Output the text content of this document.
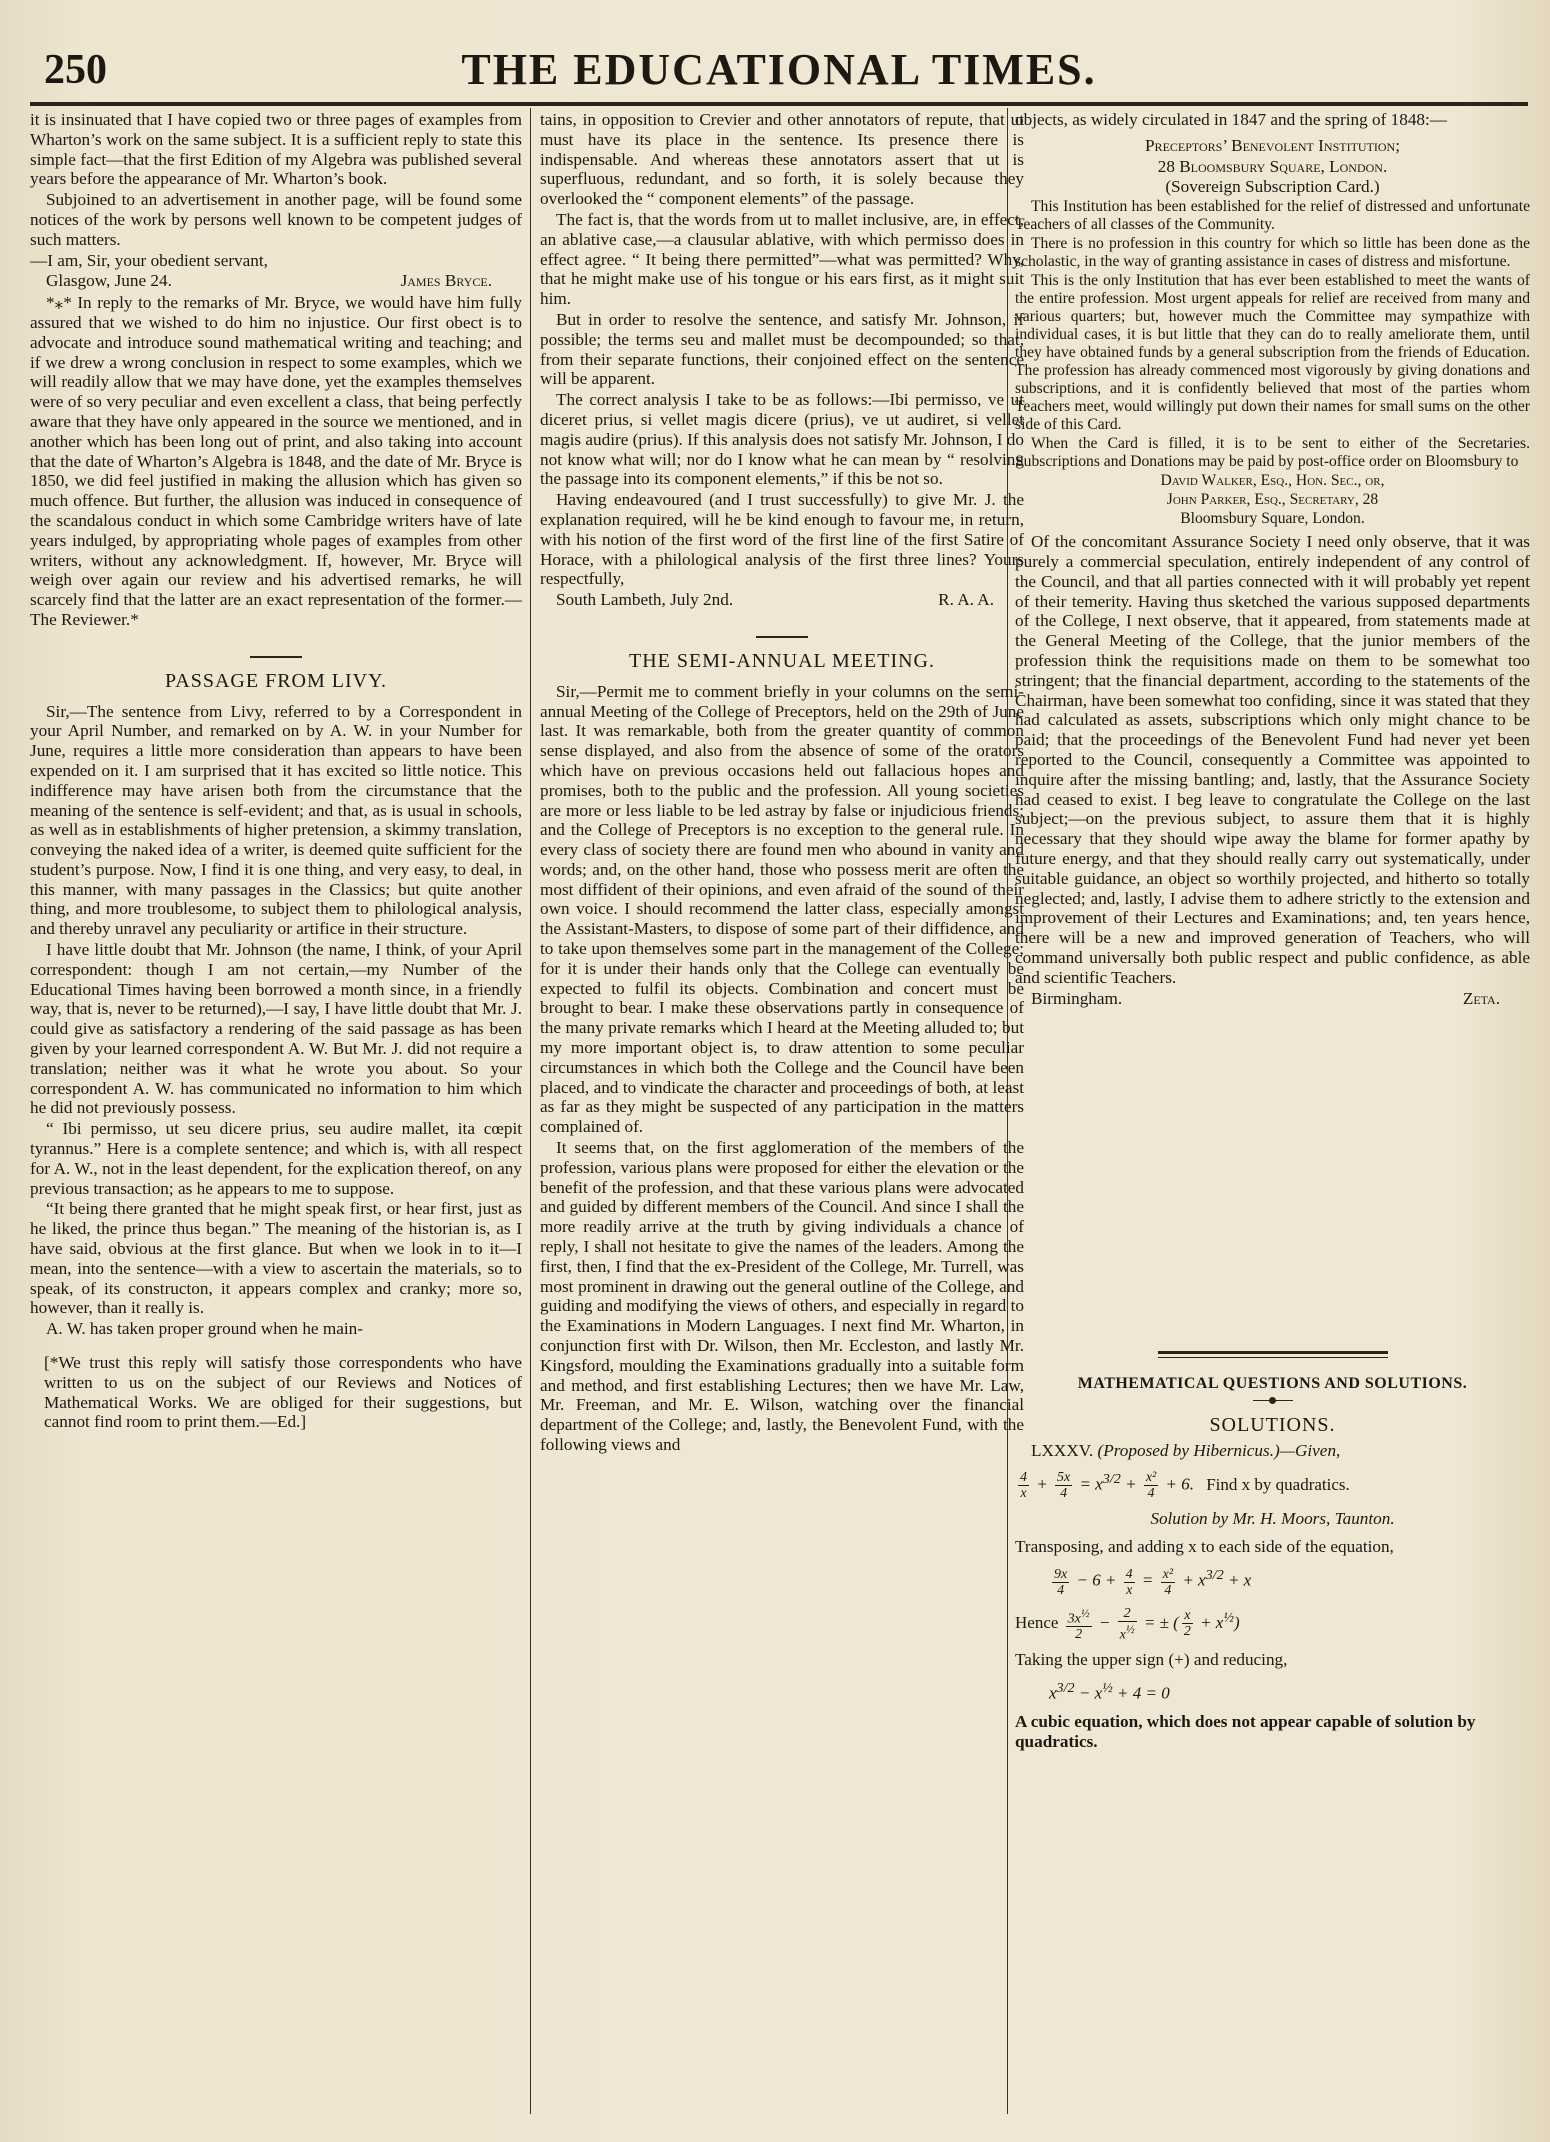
250	THE EDUCATIONAL TIMES.

it is insinuated that I have copied two or three pages of examples from Wharton’s work on the same subject. It is a sufficient reply to state this simple fact—that the first Edition of my Algebra was published several years before the appearance of Mr. Wharton’s book.

Subjoined to an advertisement in another page, will be found some notices of the work by persons well known to be competent judges of such matters.

—I am, Sir, your obedient servant,

Glasgow, June 24.	James Bryce.

*⁎* In reply to the remarks of Mr. Bryce, we would have him fully assured that we wished to do him no injustice. Our first obect is to advocate and introduce sound mathematical writing and teaching; and if we drew a wrong conclusion in respect to some examples, which we will readily allow that we may have done, yet the examples themselves were of so very peculiar and even excellent a class, that being perfectly aware that they have only appeared in the source we mentioned, and in another which has been long out of print, and also taking into account that the date of Wharton’s Algebra is 1848, and the date of Mr. Bryce is 1850, we did feel justified in making the allusion which has given so much offence. But further, the allusion was induced in consequence of the scandalous conduct in which some Cambridge writers have of late years indulged, by appropriating whole pages of examples from other writers, without any acknowledgment. If, however, Mr. Bryce will weigh over again our review and his advertised remarks, he will scarcely find that the latter are an exact representation of the former.—The Reviewer.*

PASSAGE FROM LIVY.

Sir,—The sentence from Livy, referred to by a Correspondent in your April Number, and remarked on by A. W. in your Number for June, requires a little more consideration than appears to have been expended on it. I am surprised that it has excited so little notice. This indifference may have arisen both from the circumstance that the meaning of the sentence is self-evident; and that, as is usual in schools, as well as in establishments of higher pretension, a skimmy translation, conveying the naked idea of a writer, is deemed quite sufficient for the student’s purpose. Now, I find it is one thing, and very easy, to deal, in this manner, with many passages in the Classics; but quite another thing, and more troublesome, to subject them to philological analysis, and thereby unravel any peculiarity or artifice in their structure.

I have little doubt that Mr. Johnson (the name, I think, of your April correspondent: though I am not certain,—my Number of the Educational Times having been borrowed a month since, in a friendly way, that is, never to be returned),—I say, I have little doubt that Mr. J. could give as satisfactory a rendering of the said passage as has been given by your learned correspondent A. W. But Mr. J. did not require a translation; neither was it what he wrote you about. So your correspondent A. W. has communicated no information to him which he did not previously possess.

“ Ibi permisso, ut seu dicere prius, seu audire mallet, ita cœpit tyrannus.” Here is a complete sentence; and which is, with all respect for A. W., not in the least dependent, for the explication thereof, on any previous transaction; as he appears to me to suppose.

“It being there granted that he might speak first, or hear first, just as he liked, the prince thus began.” The meaning of the historian is, as I have said, obvious at the first glance. But when we look in to it—I mean, into the sentence—with a view to ascertain the materials, so to speak, of its constructon, it appears complex and cranky; more so, however, than it really is.

A. W. has taken proper ground when he main-

[*We trust this reply will satisfy those correspondents who have written to us on the subject of our Reviews and Notices of Mathematical Works. We are obliged for their suggestions, but cannot find room to print them.—Ed.]

tains, in opposition to Crevier and other annotators of repute, that ut must have its place in the sentence. Its presence there is indispensable. And whereas these annotators assert that ut is superfluous, redundant, and so forth, it is solely because they overlooked the “ component elements” of the passage.

The fact is, that the words from ut to mallet inclusive, are, in effect, an ablative case,—a clausular ablative, with which permisso does in effect agree. “ It being there permitted”—what was permitted? Why, that he might make use of his tongue or his ears first, as it might suit him.

But in order to resolve the sentence, and satisfy Mr. Johnson, if possible; the terms seu and mallet must be decompounded; so that, from their separate functions, their conjoined effect on the sentence will be apparent.

The correct analysis I take to be as follows:—Ibi permisso, ve ut diceret prius, si vellet magis dicere (prius), ve ut audiret, si vellet magis audire (prius). If this analysis does not satisfy Mr. Johnson, I do not know what will; nor do I know what he can mean by “ resolving the passage into its component elements,” if this be not so.

Having endeavoured (and I trust successfully) to give Mr. J. the explanation required, will he be kind enough to favour me, in return, with his notion of the first word of the first line of the first Satire of Horace, with a philological analysis of the first three lines? Yours respectfully,

South Lambeth, July 2nd.	R. A. A.

THE SEMI-ANNUAL MEETING.

Sir,—Permit me to comment briefly in your columns on the semi-annual Meeting of the College of Preceptors, held on the 29th of June last. It was remarkable, both from the greater quantity of common sense displayed, and also from the absence of some of the orators which have on previous occasions held out fallacious hopes and promises, both to the public and the profession. All young societies are more or less liable to be led astray by false or injudicious friends; and the College of Preceptors is no exception to the general rule. In every class of society there are found men who abound in vanity and words; and, on the other hand, those who possess merit are often the most diffident of their opinions, and even afraid of the sound of their own voice. I should recommend the latter class, especially amongst the Assistant-Masters, to dispose of some part of their diffidence, and to take upon themselves some part in the management of the College; for it is under their hands only that the College can eventually be expected to fulfil its objects. Combination and concert must be brought to bear. I make these observations partly in consequence of the many private remarks which I heard at the Meeting alluded to; but my more important object is, to draw attention to some peculiar circumstances in which both the College and the Council have been placed, and to vindicate the character and proceedings of both, at least as far as they might be suspected of any participation in the matters complained of.

It seems that, on the first agglomeration of the members of the profession, various plans were proposed for either the elevation or the benefit of the profession, and that these various plans were advocated and guided by different members of the Council. And since I shall the more readily arrive at the truth by giving individuals a chance of reply, I shall not hesitate to give the names of the leaders. Among the first, then, I find that the ex-President of the College, Mr. Turrell, was most prominent in drawing out the general outline of the College, and guiding and modifying the views of others, and especially in regard to the Examinations in Modern Languages. I next find Mr. Wharton, in conjunction first with Dr. Wilson, then Mr. Eccleston, and lastly Mr. Kingsford, moulding the Examinations gradually into a suitable form and method, and first establishing Lectures; then we have Mr. Law, Mr. Freeman, and Mr. E. Wilson, watching over the financial department of the College; and, lastly, the Benevolent Fund, with the following views and

objects, as widely circulated in 1847 and the spring of 1848:—

Preceptors’ Benevolent Institution;

28 Bloomsbury Square, London.

(Sovereign Subscription Card.)

This Institution has been established for the relief of distressed and unfortunate Teachers of all classes of the Community.

There is no profession in this country for which so little has been done as the scholastic, in the way of granting assistance in cases of distress and misfortune.

This is the only Institution that has ever been established to meet the wants of the entire profession. Most urgent appeals for relief are received from many and various quarters; but, however much the Committee may sympathize with individual cases, it is but little that they can do to really ameliorate them, until they have obtained funds by a general subscription from the friends of Education. The profession has already commenced most vigorously by giving donations and subscriptions, and it is confidently believed that most of the parties whom Teachers meet, would willingly put down their names for small sums on the other side of this Card.

When the Card is filled, it is to be sent to either of the Secretaries. Subscriptions and Donations may be paid by post-office order on Bloomsbury to

David Walker, Esq., Hon. Sec., or,

John Parker, Esq., Secretary, 28

Bloomsbury Square, London.

Of the concomitant Assurance Society I need only observe, that it was purely a commercial speculation, entirely independent of any control of the Council, and that all parties connected with it will probably yet repent of their temerity. Having thus sketched the various supposed departments of the College, I next observe, that it appeared, from statements made at the General Meeting of the College, that the junior members of the profession think the requisitions made on them to be somewhat too stringent; that the financial department, according to the statements of the Chairman, have been somewhat too confiding, since it was stated that they had calculated as assets, subscriptions which only might chance to be paid; that the proceedings of the Benevolent Fund had never yet been reported to the Council, consequently a Committee was appointed to inquire after the missing bantling; and, lastly, that the Assurance Society had ceased to exist. I beg leave to congratulate the College on the last subject;—on the previous subject, to assure them that it is highly necessary that they should wipe away the blame for former apathy by future energy, and that they should really carry out systematically, under suitable guidance, an object so worthily projected, and hitherto so totally neglected; and, lastly, I advise them to adhere strictly to the extension and improvement of their Lectures and Examinations; and, ten years hence, there will be a new and improved generation of Teachers, who will command universally both public respect and public confidence, as able and scientific Teachers.

Birmingham.	Zeta.

MATHEMATICAL QUESTIONS AND SOLUTIONS.
SOLUTIONS.

LXXXV. (Proposed by Hibernicus.)—Given,

$\frac{4}{x} + \frac{5x}{4} = x^{3/2} + \frac{\text{x²}}{4} + 6$. Find x by quadratics.

Solution by Mr. H. Moors, Taunton.

Transposing, and adding x to each side of the equation,

$\frac{9x}{4} - 6 + \frac{4}{x} = \frac{\text{x²}}{4} + x^{3/2} + x$

Hence $\frac{3x^{\frac{1}{2}}}{2} - \frac{2}{x^{\frac{1}{2}}}$ = ± ( $\frac{x}{2} + x^{\frac{1}{2}}$)

Taking the upper sign (+) and reducing,

$x^{3/2} - x^{\frac{1}{2}} + 4 = 0$

A cubic equation, which does not appear capable of solution by quadratics.
